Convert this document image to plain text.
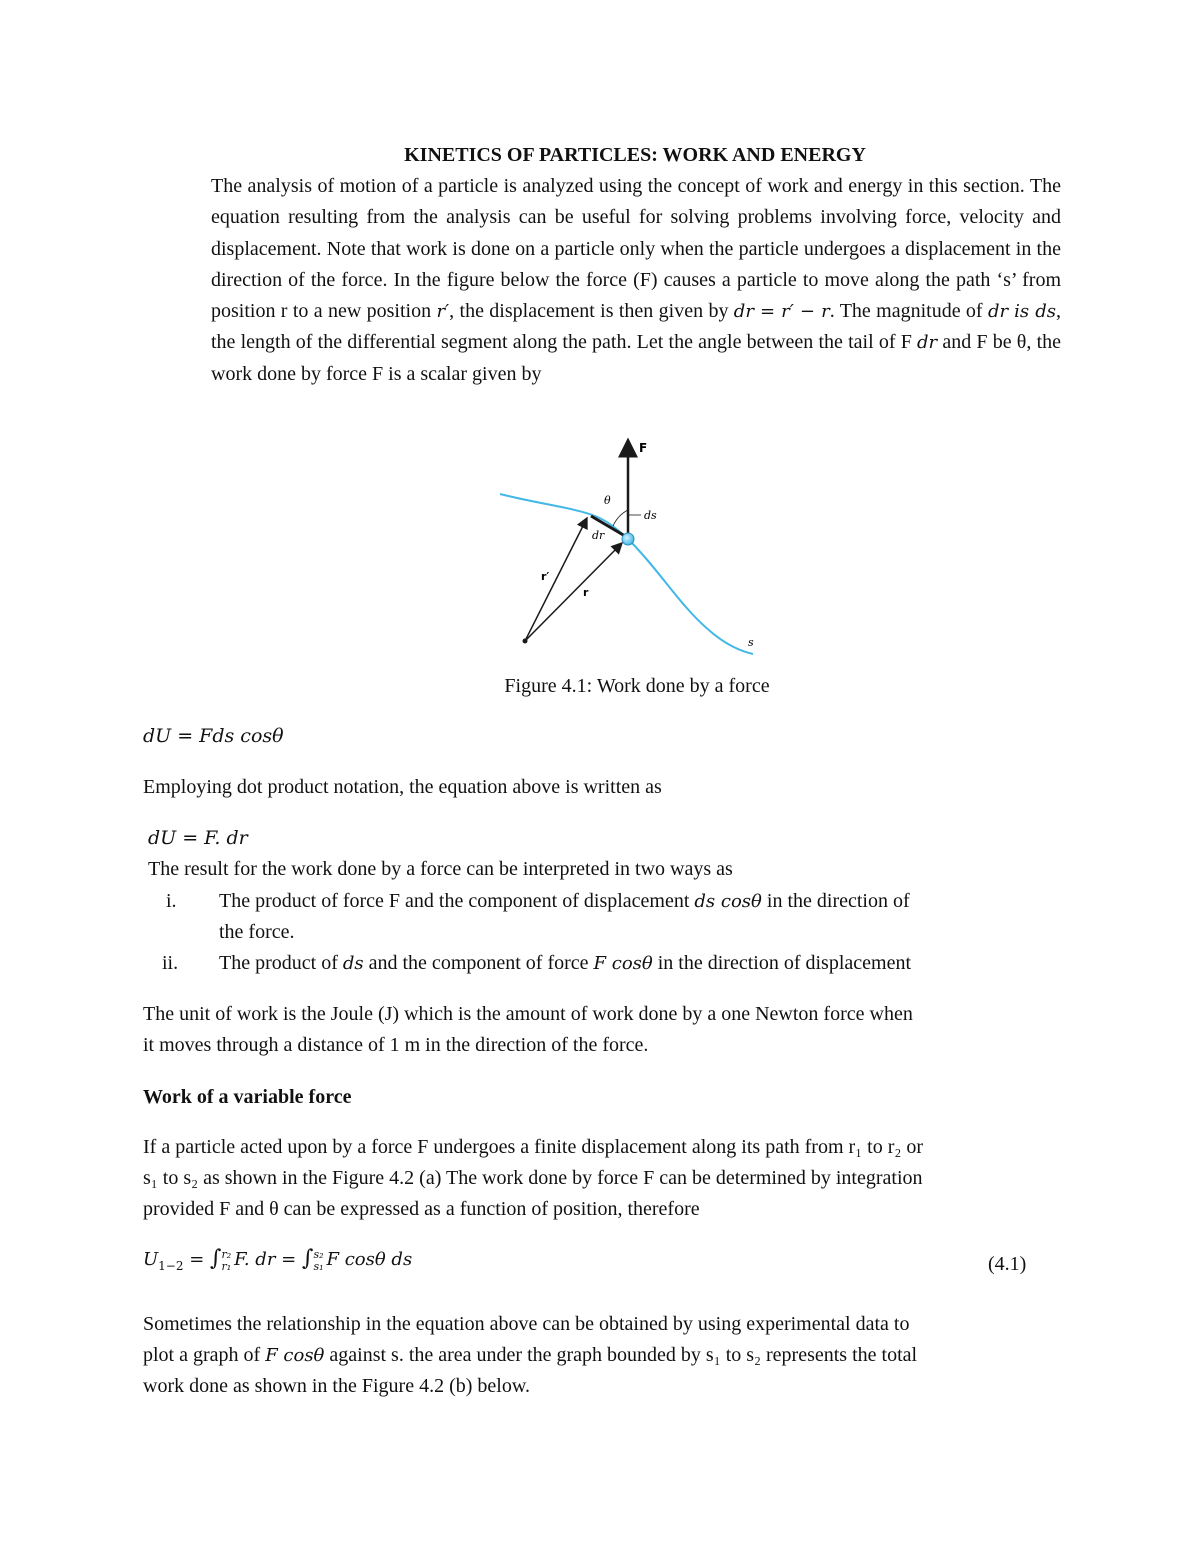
KINETICS OF PARTICLES: WORK AND ENERGY
The analysis of motion of a particle is analyzed using the concept of work and energy in this section. The equation resulting from the analysis can be useful for solving problems involving force, velocity and displacement. Note that work is done on a particle only when the particle undergoes a displacement in the direction of the force. In the figure below the force (F) causes a particle to move along the path ‘s’ from position r to a new position r′, the displacement is then given by dr = r′ − r. The magnitude of dr is ds, the length of the differential segment along the path. Let the angle between the tail of F dr and F be θ, the work done by force F is a scalar given by
F
θ
ds
dr
r′
r
s
Figure 4.1: Work done by a force
dU = Fds cosθ
Employing dot product notation, the equation above is written as
dU = F. dr
The result for the work done by a force can be interpreted in two ways as
i. The product of force F and the component of displacement ds cosθ in the direction of
the force.
ii. The product of ds and the component of force F cosθ in the direction of displacement
The unit of work is the Joule (J) which is the amount of work done by a one Newton force when
it moves through a distance of 1 m in the direction of the force.
Work of a variable force
If a particle acted upon by a force F undergoes a finite displacement along its path from r₁ to r₂ or
s₁ to s₂ as shown in the Figure 4.2 (a) The work done by force F can be determined by integration
provided F and θ can be expressed as a function of position, therefore
$U_{1-2}$ = ∫ r₂
r₁ F. dr = ∫ s₂
s₁ F cosθ ds	(4.1)
Sometimes the relationship in the equation above can be obtained by using experimental data to
plot a graph of F cosθ against s. the area under the graph bounded by s₁ to s₂ represents the total
work done as shown in the Figure 4.2 (b) below.
